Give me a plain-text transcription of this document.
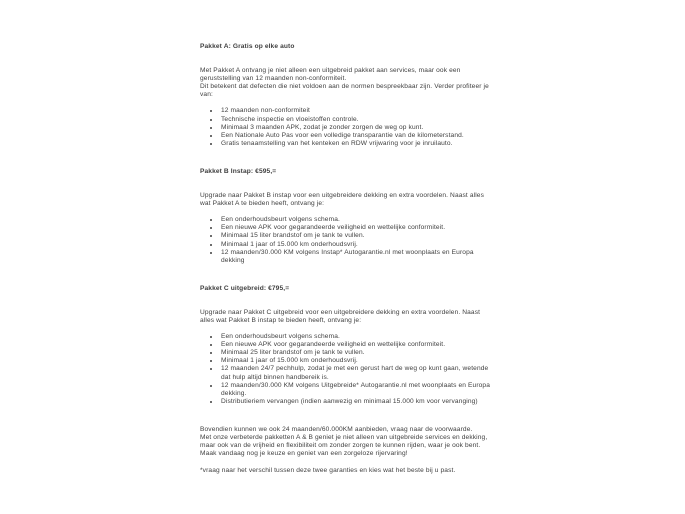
Pakket A: Gratis op elke auto

Met Pakket A ontvang je niet alleen een uitgebreid pakket aan services, maar ook een geruststelling van 12 maanden non-conformiteit.

Dit betekent dat defecten die niet voldoen aan de normen bespreekbaar zijn. Verder profiteer je van:

• 12 maanden non-conformiteit
• Technische inspectie en vloeistoffen controle.
• Minimaal 3 maanden APK, zodat je zonder zorgen de weg op kunt.
• Een Nationale Auto Pas voor een volledige transparantie van de kilometerstand.
• Gratis tenaamstelling van het kenteken en RDW vrijwaring voor je inruilauto.
Pakket B Instap: €595,=

Upgrade naar Pakket B instap voor een uitgebreidere dekking en extra voordelen. Naast alles wat Pakket A te bieden heeft, ontvang je:

• Een onderhoudsbeurt volgens schema.
• Een nieuwe APK voor gegarandeerde veiligheid en wettelijke conformiteit.
• Minimaal 15 liter brandstof om je tank te vullen.
• Minimaal 1 jaar of 15.000 km onderhoudsvrij.
• 12 maanden/30.000 KM volgens Instap* Autogarantie.nl met woonplaats en Europa dekking
Pakket C uitgebreid: €795,=

Upgrade naar Pakket C uitgebreid voor een uitgebreidere dekking en extra voordelen. Naast alles wat Pakket B instap te bieden heeft, ontvang je:

• Een onderhoudsbeurt volgens schema.
• Een nieuwe APK voor gegarandeerde veiligheid en wettelijke conformiteit.
• Minimaal 25 liter brandstof om je tank te vullen.
• Minimaal 1 jaar of 15.000 km onderhoudsvrij.
• 12 maanden 24/7 pechhulp, zodat je met een gerust hart de weg op kunt gaan, wetende dat hulp altijd binnen handbereik is.
• 12 maanden/30.000 KM volgens Uitgebreide* Autogarantie.nl met woonplaats en Europa dekking.
• Distributieriem vervangen (indien aanwezig en minimaal 15.000 km voor vervanging)

Bovendien kunnen we ook 24 maanden/60.000KM aanbieden, vraag naar de voorwaarde.

Met onze verbeterde pakketten A & B geniet je niet alleen van uitgebreide services en dekking, maar ook van de vrijheid en flexibiliteit om zonder zorgen te kunnen rijden, waar je ook bent.

Maak vandaag nog je keuze en geniet van een zorgeloze rijervaring!

*vraag naar het verschil tussen deze twee garanties en kies wat het beste bij u past.
